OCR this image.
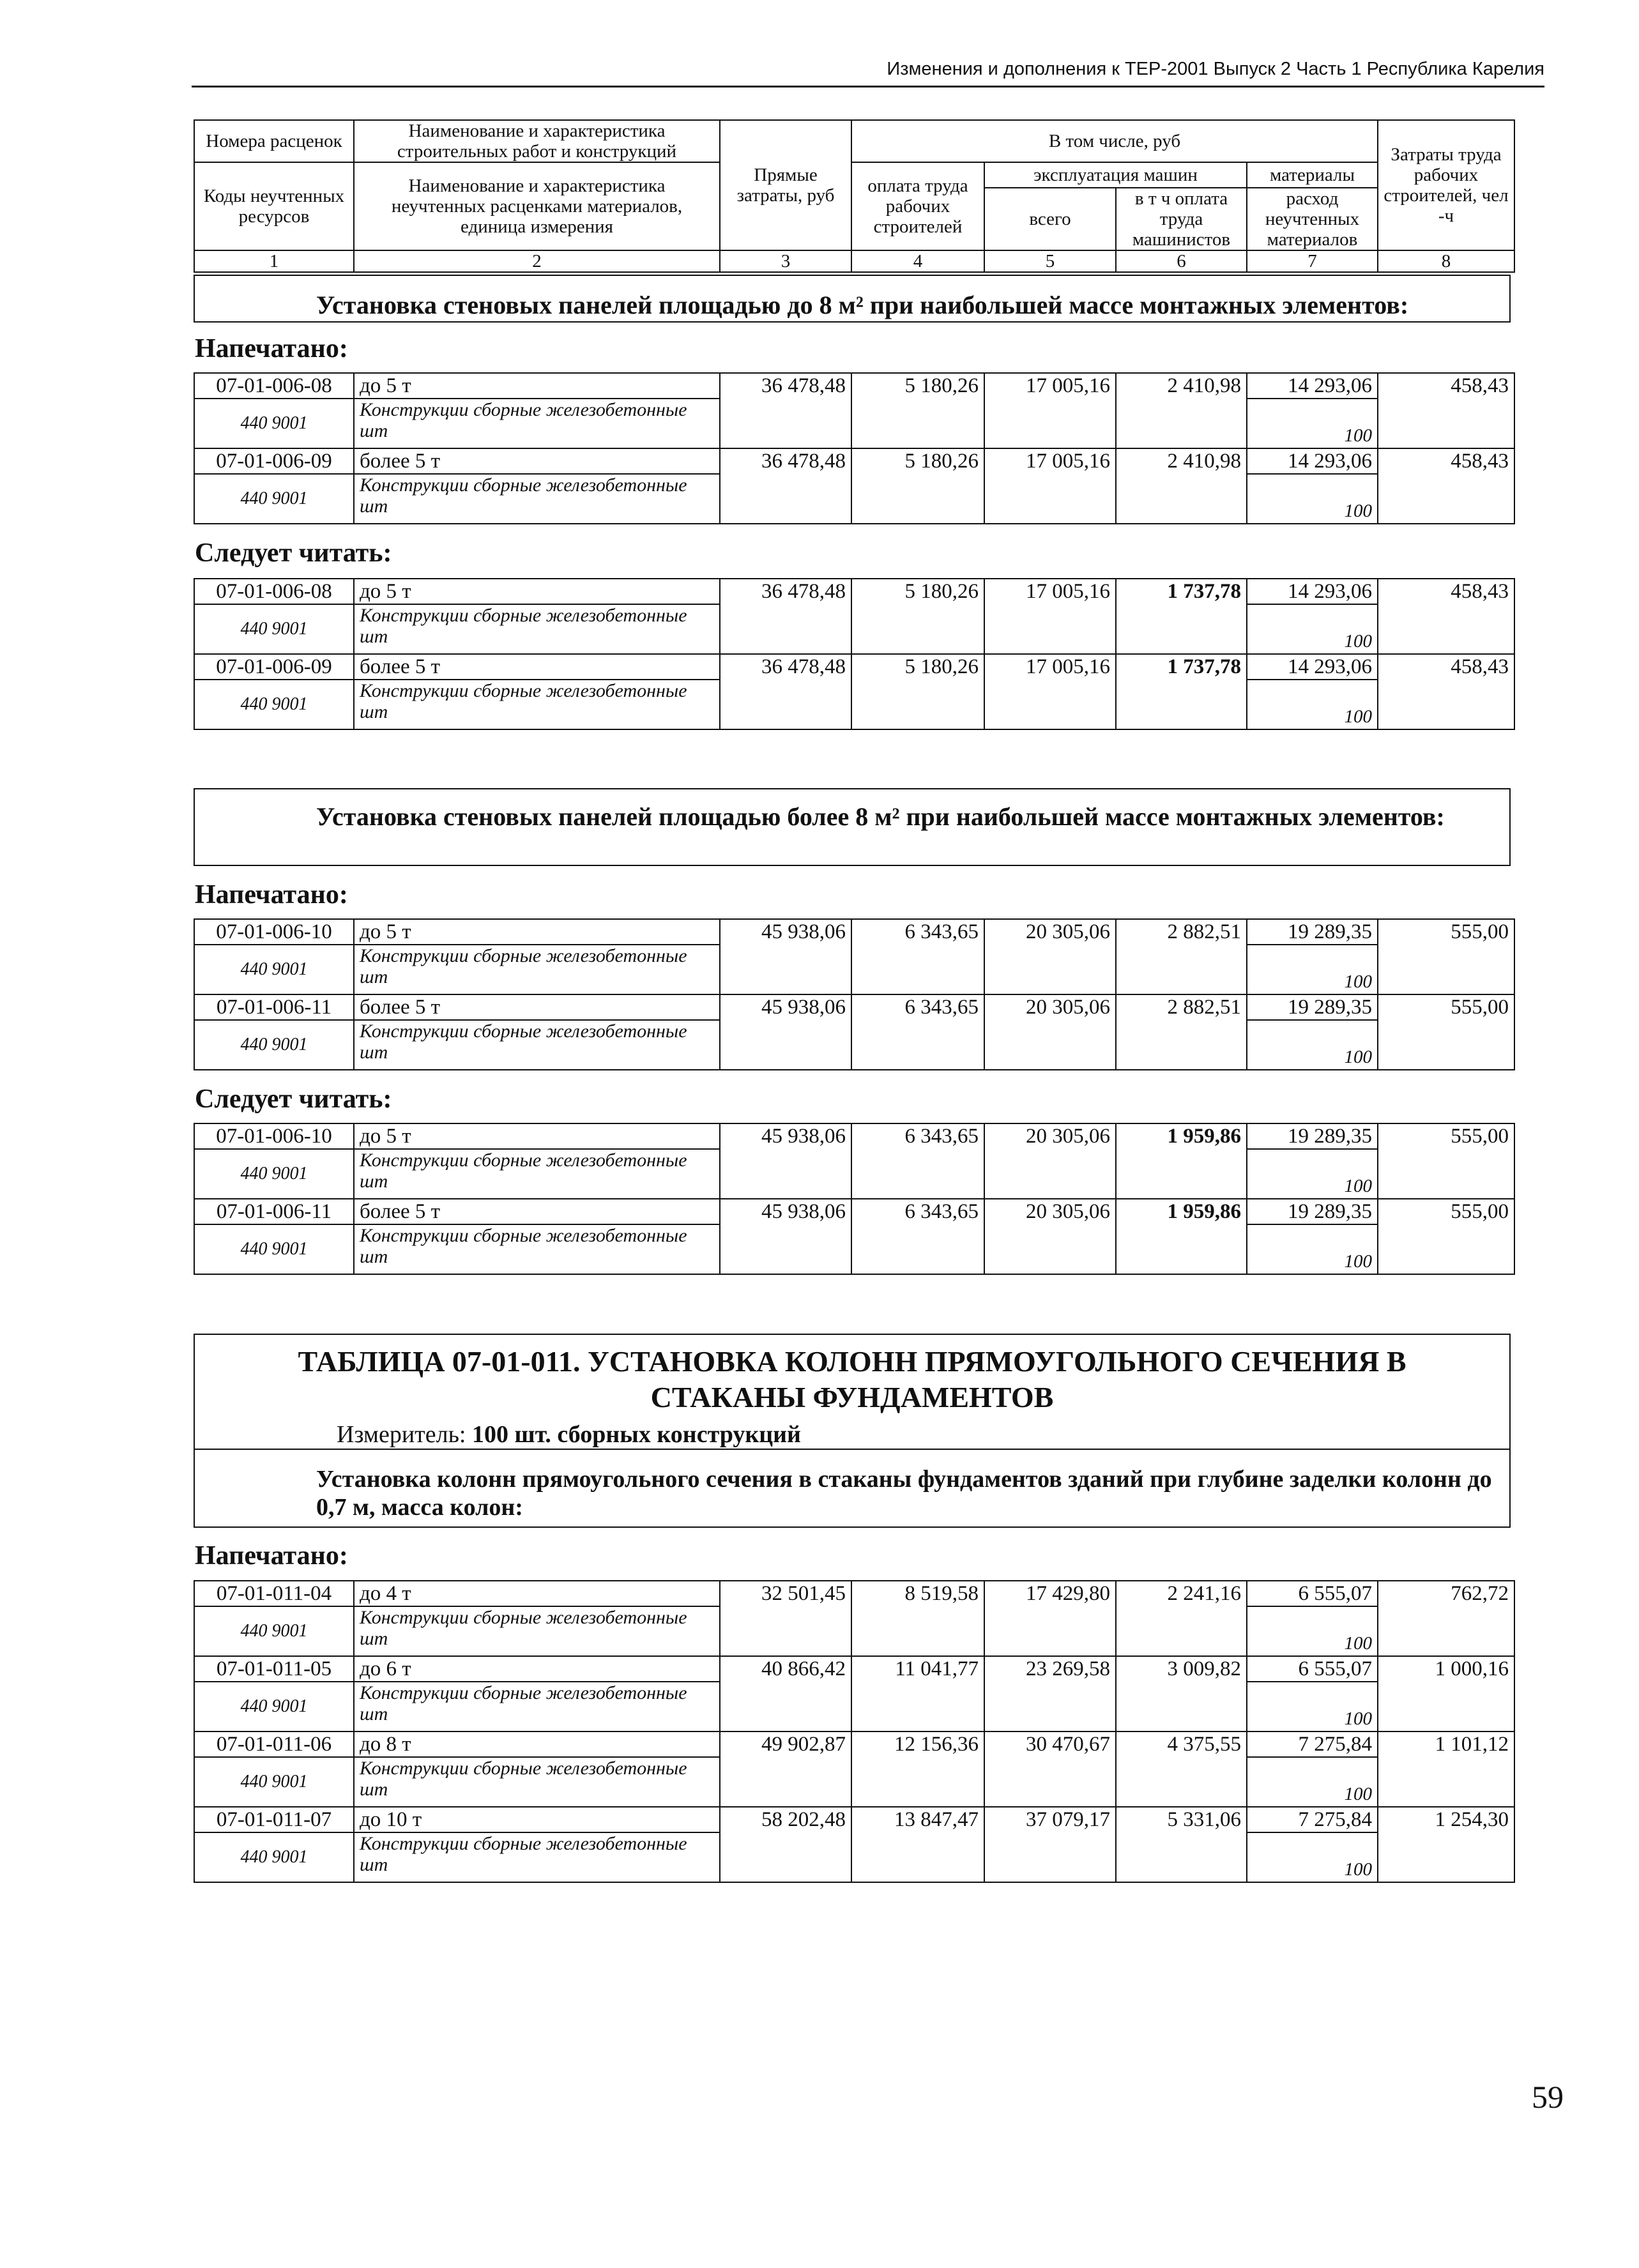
Изменения и дополнения к ТЕР-2001 Выпуск 2 Часть 1 Республика Карелия
Номера расценок	Наименование и характеристика строительных работ и конструкций	Прямые затраты, руб	В том числе, руб				Затраты труда рабочих строителей, чел -ч
Коды неучтенных ресурсов	Наименование и характеристика неучтенных расценками материалов, единица измерения		оплата труда рабочих строителей	эксплуатация машин		материалы	
				всего	в т ч оплата труда машинистов	расход неучтенных материалов	

1	2	3	4	5	6	7	8
Установка стеновых панелей площадью до 8 м² при наибольшей массе монтажных элементов:
Напечатано:
07-01-006-08	до 5 т	36 478,48	5 180,26	17 005,16	2 410,98	14 293,06	458,43
440 9001	Конструкции сборные железобетонные шт					100	
07-01-006-09	более 5 т	36 478,48	5 180,26	17 005,16	2 410,98	14 293,06	458,43
440 9001	Конструкции сборные железобетонные шт					100	
Следует читать:
07-01-006-08	до 5 т	36 478,48	5 180,26	17 005,16	1 737,78	14 293,06	458,43
440 9001	Конструкции сборные железобетонные шт					100	
07-01-006-09	более 5 т	36 478,48	5 180,26	17 005,16	1 737,78	14 293,06	458,43
440 9001	Конструкции сборные железобетонные шт					100	
Установка стеновых панелей площадью более 8 м² при наибольшей массе монтажных элементов:
Напечатано:
07-01-006-10	до 5 т	45 938,06	6 343,65	20 305,06	2 882,51	19 289,35	555,00
440 9001	Конструкции сборные железобетонные шт					100	
07-01-006-11	более 5 т	45 938,06	6 343,65	20 305,06	2 882,51	19 289,35	555,00
440 9001	Конструкции сборные железобетонные шт					100	
Следует читать:
07-01-006-10	до 5 т	45 938,06	6 343,65	20 305,06	1 959,86	19 289,35	555,00
440 9001	Конструкции сборные железобетонные шт					100	
07-01-006-11	более 5 т	45 938,06	6 343,65	20 305,06	1 959,86	19 289,35	555,00
440 9001	Конструкции сборные железобетонные шт					100	
ТАБЛИЦА 07-01-011. УСТАНОВКА КОЛОНН ПРЯМОУГОЛЬНОГО СЕЧЕНИЯ В
СТАКАНЫ ФУНДАМЕНТОВ
Измеритель: 100 шт. сборных конструкций
Установка колонн прямоугольного сечения в стаканы фундаментов зданий при глубине заделки колонн до 0,7 м, масса колон:
Напечатано:
07-01-011-04	до 4 т	32 501,45	8 519,58	17 429,80	2 241,16	6 555,07	762,72
440 9001	Конструкции сборные железобетонные шт					100	
07-01-011-05	до 6 т	40 866,42	11 041,77	23 269,58	3 009,82	6 555,07	1 000,16
440 9001	Конструкции сборные железобетонные шт					100	
07-01-011-06	до 8 т	49 902,87	12 156,36	30 470,67	4 375,55	7 275,84	1 101,12
440 9001	Конструкции сборные железобетонные шт					100	
07-01-011-07	до 10 т	58 202,48	13 847,47	37 079,17	5 331,06	7 275,84	1 254,30
440 9001	Конструкции сборные железобетонные шт					100	
59
